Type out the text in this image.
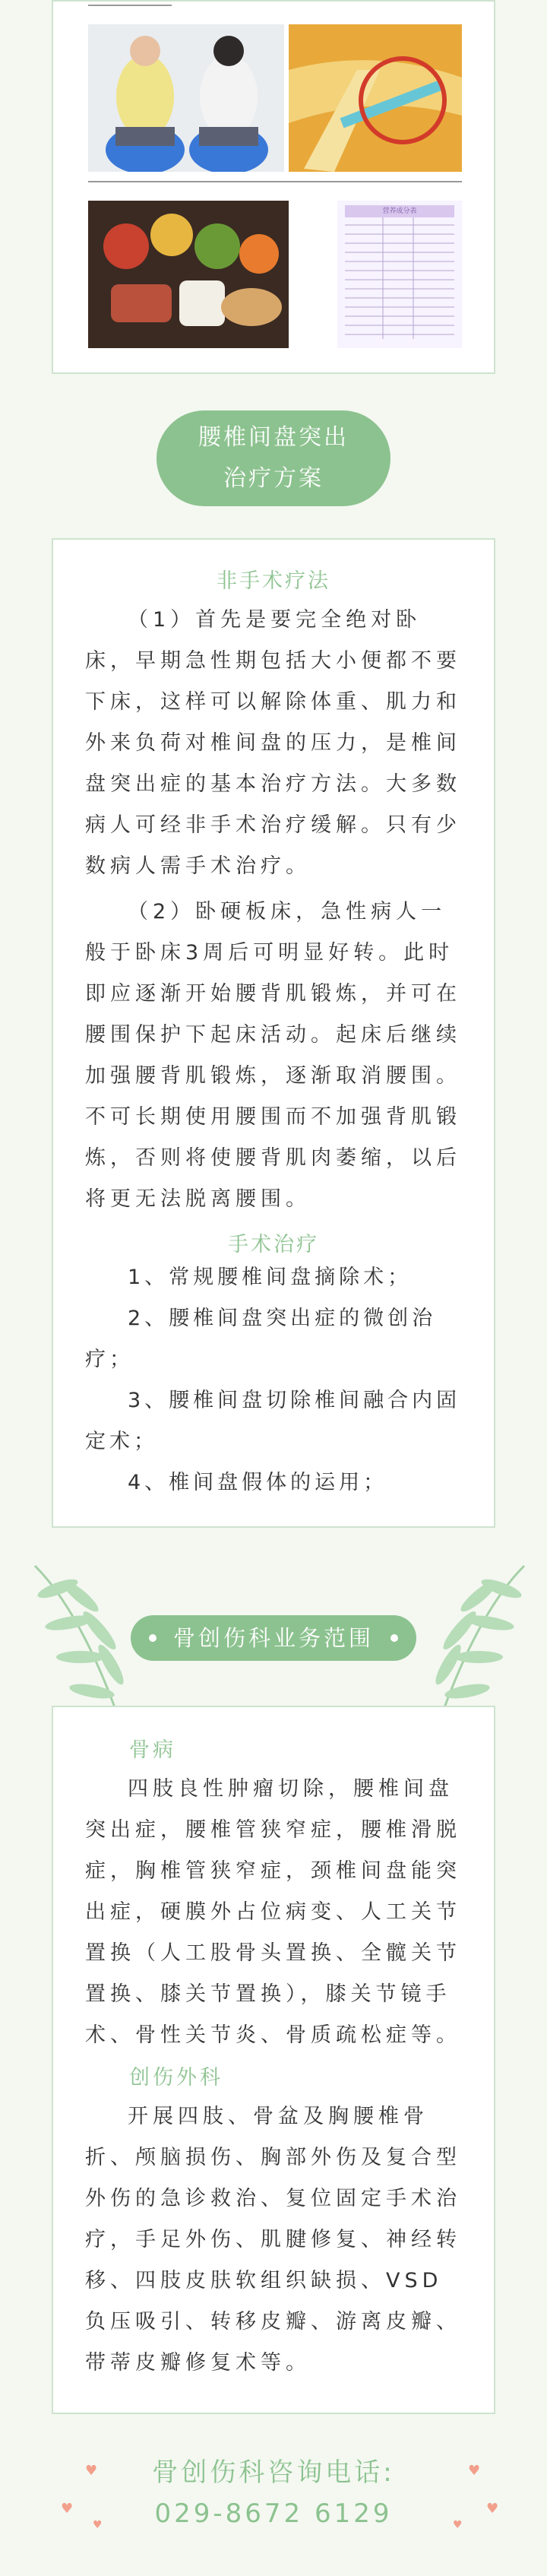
营养成分表
腰椎间盘突出
治疗方案
非手术疗法
（1）首先是要完全绝对卧床，早期急性期包括大小便都不要下床，这样可以解除体重、肌力和外来负荷对椎间盘的压力，是椎间盘突出症的基本治疗方法。大多数病人可经非手术治疗缓解。只有少数病人需手术治疗。
（2）卧硬板床，急性病人一般于卧床3周后可明显好转。此时即应逐渐开始腰背肌锻炼，并可在腰围保护下起床活动。起床后继续加强腰背肌锻炼，逐渐取消腰围。不可长期使用腰围而不加强背肌锻炼，否则将使腰背肌肉萎缩，以后将更无法脱离腰围。
手术治疗
1、常规腰椎间盘摘除术；
2、腰椎间盘突出症的微创治疗；
3、腰椎间盘切除椎间融合内固定术；
4、椎间盘假体的运用；
骨创伤科业务范围
骨病
四肢良性肿瘤切除，腰椎间盘突出症，腰椎管狭窄症，腰椎滑脱症，胸椎管狭窄症，颈椎间盘能突出症，硬膜外占位病变、人工关节置换（人工股骨头置换、全髋关节置换、膝关节置换），膝关节镜手术、骨性关节炎、骨质疏松症等。
创伤外科
开展四肢、骨盆及胸腰椎骨折、颅脑损伤、胸部外伤及复合型外伤的急诊救治、复位固定手术治疗，手足外伤、肌腱修复、神经转移、四肢皮肤软组织缺损、VSD负压吸引、转移皮瓣、游离皮瓣、带蒂皮瓣修复术等。
骨创伤科咨询电话:
029-8672 6129
♥
♥
♥
♥
♥
♥
